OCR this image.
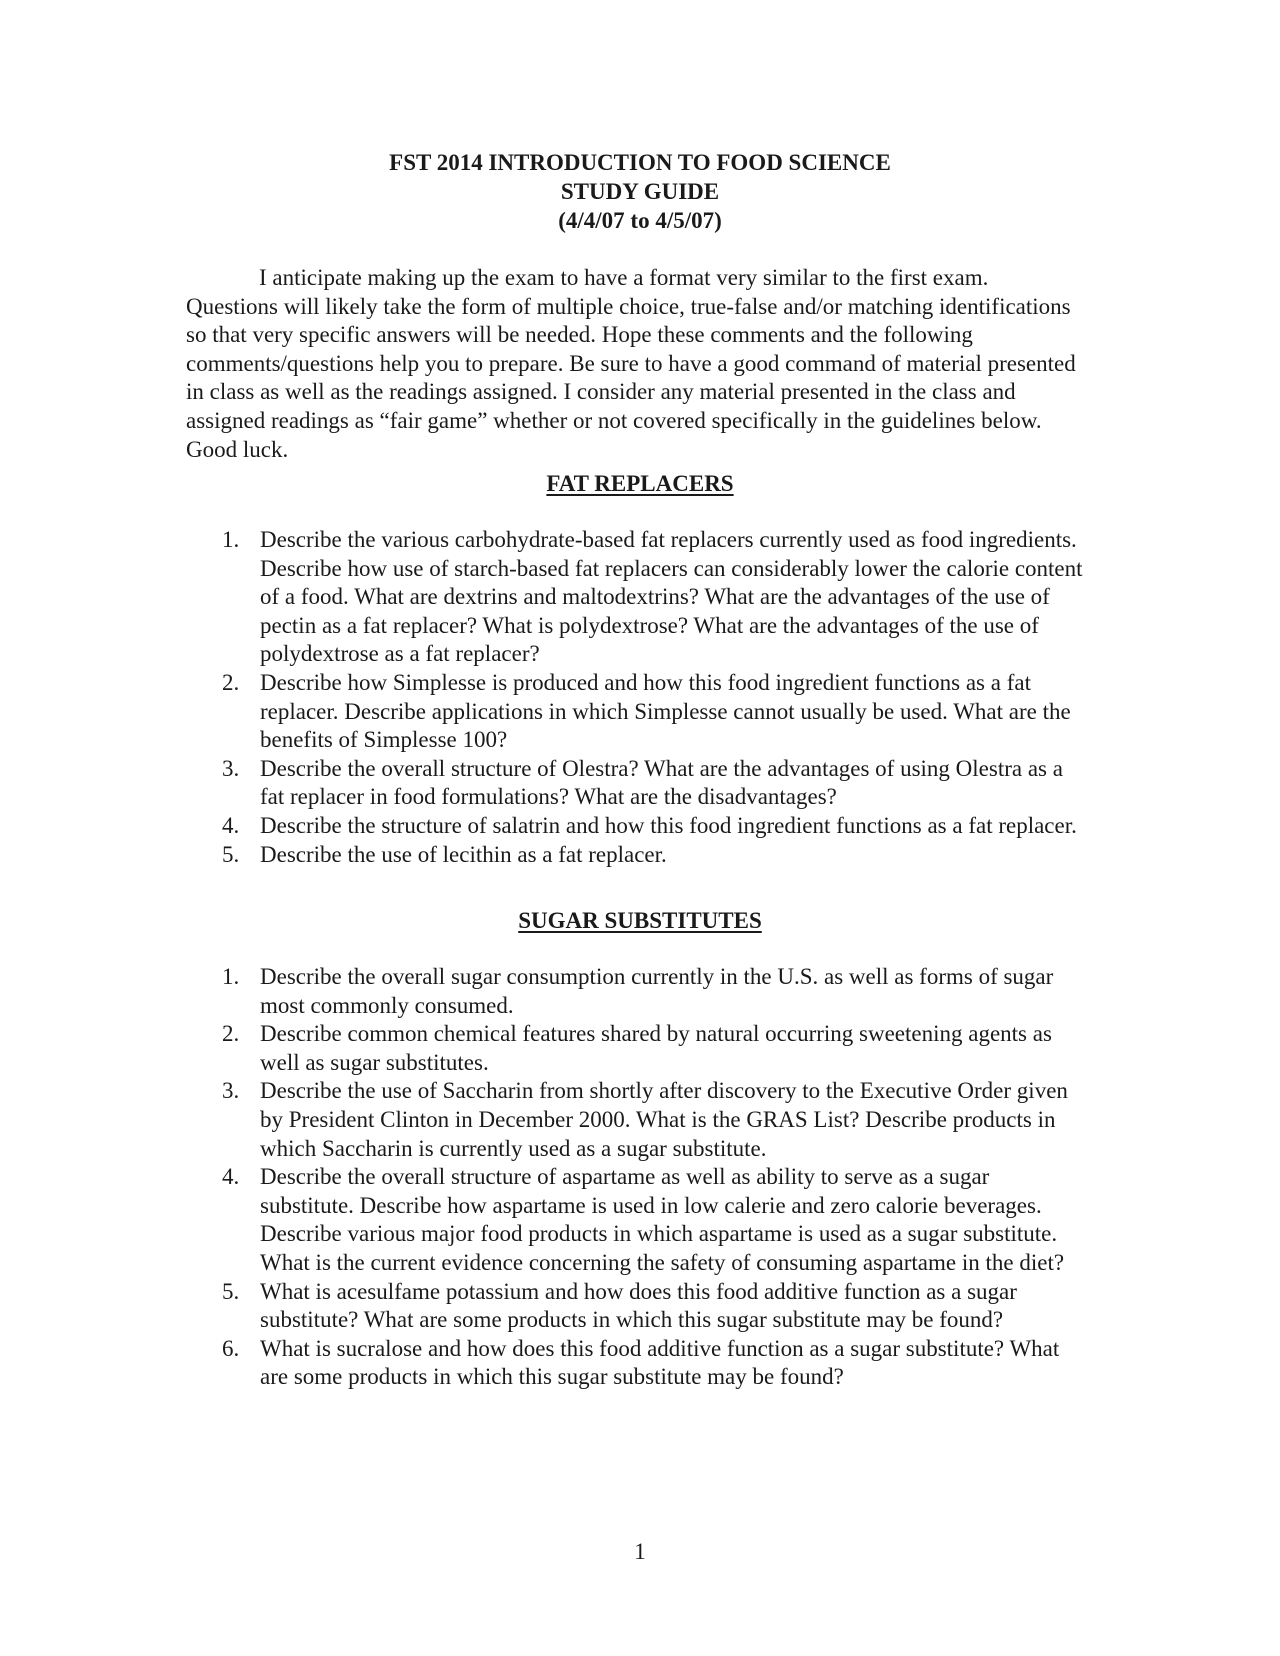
FST 2014 INTRODUCTION TO FOOD SCIENCE
STUDY GUIDE
(4/4/07 to 4/5/07)

I anticipate making up the exam to have a format very similar to the first exam. Questions will likely take the form of multiple choice, true-false and/or matching identifications so that very specific answers will be needed. Hope these comments and the following comments/questions help you to prepare. Be sure to have a good command of material presented in class as well as the readings assigned. I consider any material presented in the class and assigned readings as “fair game” whether or not covered specifically in the guidelines below. Good luck.

FAT REPLACERS
1. Describe the various carbohydrate-based fat replacers currently used as food ingredients. Describe how use of starch-based fat replacers can considerably lower the calorie content of a food. What are dextrins and maltodextrins? What are the advantages of the use of pectin as a fat replacer? What is polydextrose? What are the advantages of the use of polydextrose as a fat replacer?
2. Describe how Simplesse is produced and how this food ingredient functions as a fat replacer. Describe applications in which Simplesse cannot usually be used. What are the benefits of Simplesse 100?
3. Describe the overall structure of Olestra? What are the advantages of using Olestra as a fat replacer in food formulations? What are the disadvantages?
4. Describe the structure of salatrin and how this food ingredient functions as a fat replacer.
5. Describe the use of lecithin as a fat replacer.
SUGAR SUBSTITUTES
1. Describe the overall sugar consumption currently in the U.S. as well as forms of sugar most commonly consumed.
2. Describe common chemical features shared by natural occurring sweetening agents as well as sugar substitutes.
3. Describe the use of Saccharin from shortly after discovery to the Executive Order given by President Clinton in December 2000. What is the GRAS List? Describe products in which Saccharin is currently used as a sugar substitute.
4. Describe the overall structure of aspartame as well as ability to serve as a sugar substitute. Describe how aspartame is used in low calerie and zero calorie beverages. Describe various major food products in which aspartame is used as a sugar substitute. What is the current evidence concerning the safety of consuming aspartame in the diet?
5. What is acesulfame potassium and how does this food additive function as a sugar substitute? What are some products in which this sugar substitute may be found?
6. What is sucralose and how does this food additive function as a sugar substitute? What are some products in which this sugar substitute may be found?
1
